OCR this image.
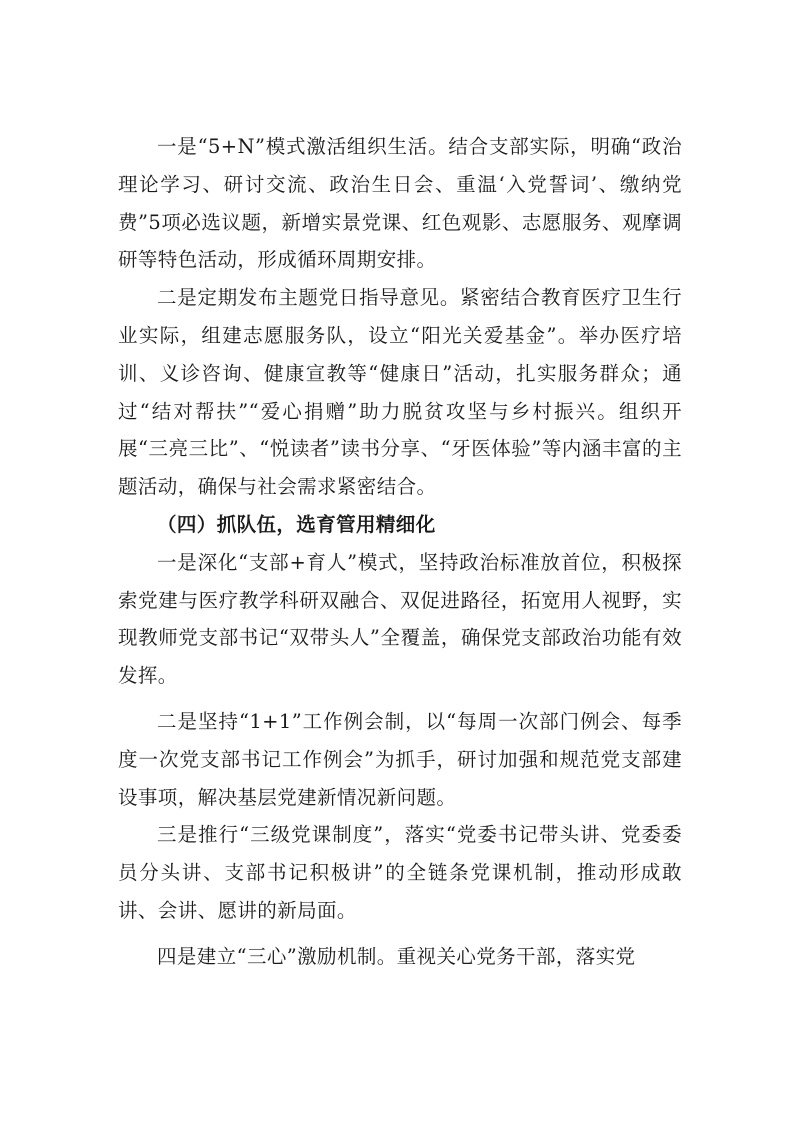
一是“5+N”模式激活组织生活。结合支部实际，明确“政治理论学习、研讨交流、政治生日会、重温‘入党誓词’、缴纳党费”5项必选议题，新增实景党课、红色观影、志愿服务、观摩调研等特色活动，形成循环周期安排。

二是定期发布主题党日指导意见。紧密结合教育医疗卫生行业实际，组建志愿服务队，设立“阳光关爱基金”。举办医疗培训、义诊咨询、健康宣教等“健康日”活动，扎实服务群众；通过“结对帮扶”“爱心捐赠”助力脱贫攻坚与乡村振兴。组织开展“三亮三比”、“悦读者”读书分享、“牙医体验”等内涵丰富的主题活动，确保与社会需求紧密结合。

（四）抓队伍，选育管用精细化

一是深化“支部+育人”模式，坚持政治标准放首位，积极探索党建与医疗教学科研双融合、双促进路径，拓宽用人视野，实现教师党支部书记“双带头人”全覆盖，确保党支部政治功能有效发挥。

二是坚持“1+1”工作例会制，以“每周一次部门例会、每季度一次党支部书记工作例会”为抓手，研讨加强和规范党支部建设事项，解决基层党建新情况新问题。

三是推行“三级党课制度”，落实“党委书记带头讲、党委委员分头讲、支部书记积极讲”的全链条党课机制，推动形成敢讲、会讲、愿讲的新局面。

四是建立“三心”激励机制。重视关心党务干部，落实党
